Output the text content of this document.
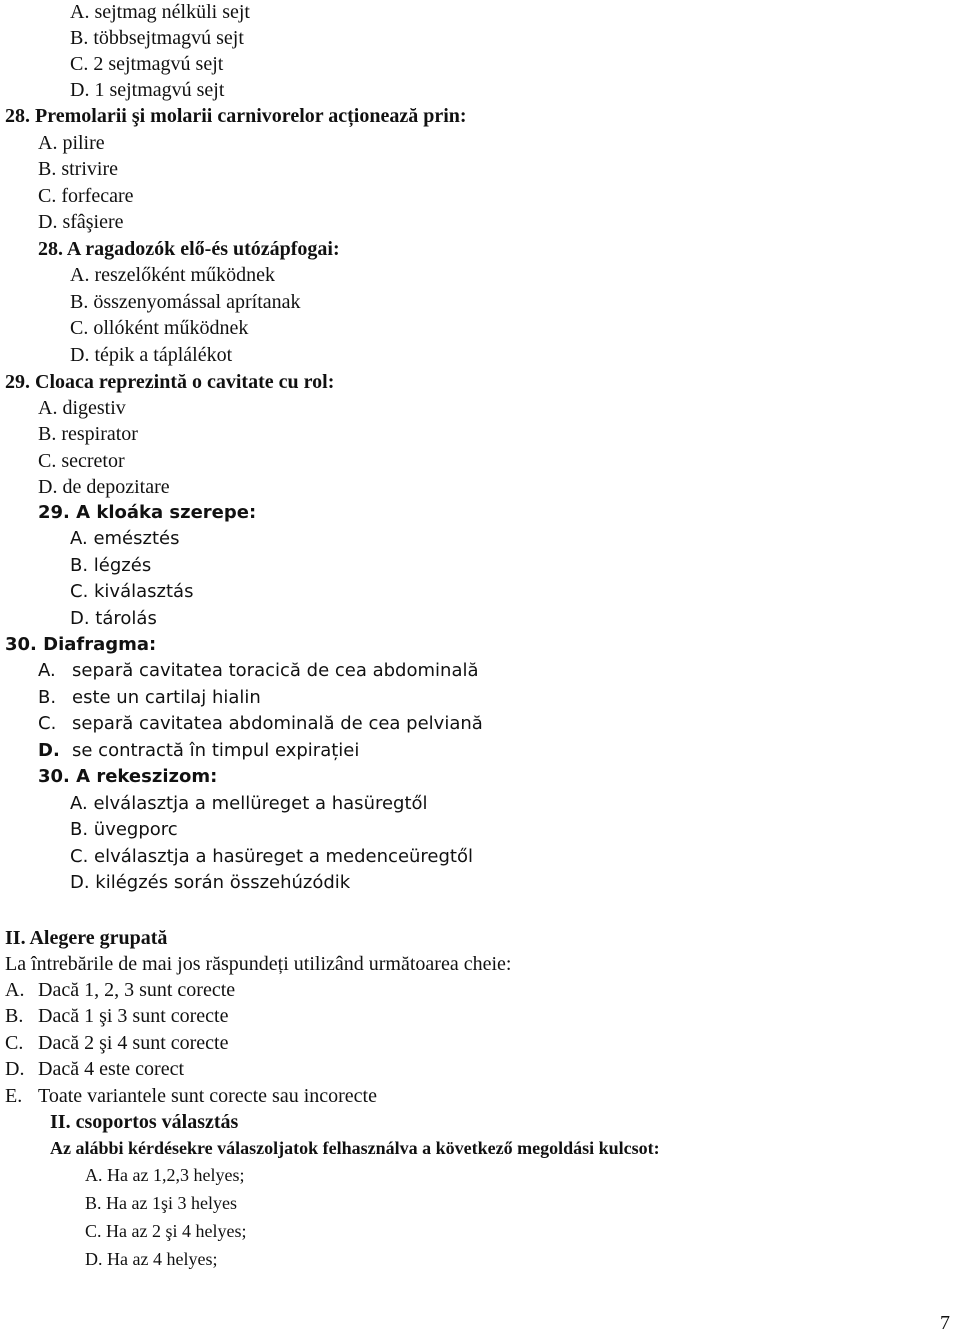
A. sejtmag nélküli sejt
B. többsejtmagvú sejt
C. 2 sejtmagvú sejt
D. 1 sejtmagvú sejt
28. Premolarii şi molarii carnivorelor acționează prin:
A. pilire
B. strivire
C. forfecare
D. sfâşiere
28. A ragadozók elő-és utózápfogai:
A. reszelőként működnek
B. összenyomással aprítanak
C. ollóként működnek
D. tépik a táplálékot
29. Cloaca reprezintă o cavitate cu rol:
A. digestiv
B. respirator
C. secretor
D. de depozitare
29. A kloáka szerepe:
A. emésztés
B. légzés
C. kiválasztás
D. tárolás
30. Diafragma:
A. separă cavitatea toracică de cea abdominală
B. este un cartilaj hialin
C. separă cavitatea abdominală de cea pelviană
D. se contractă în timpul expirației
30. A rekeszizom:
A. elválasztja a mellüreget a hasüregtől
B. üvegporc
C. elválasztja a hasüreget a medenceüregtől
D. kilégzés során összehúzódik
II. Alegere grupată
La întrebările de mai jos răspundeți utilizând următoarea cheie:
A. Dacă 1, 2, 3 sunt corecte
B. Dacă 1 şi 3 sunt corecte
C. Dacă 2 şi 4 sunt corecte
D. Dacă 4 este corect
E. Toate variantele sunt corecte sau incorecte
II. csoportos választás
Az alábbi kérdésekre válaszoljatok felhasználva a következő megoldási kulcsot:
A. Ha az 1,2,3 helyes;
B. Ha az 1şi 3 helyes
C. Ha az 2 şi 4 helyes;
D. Ha az 4 helyes;
7
